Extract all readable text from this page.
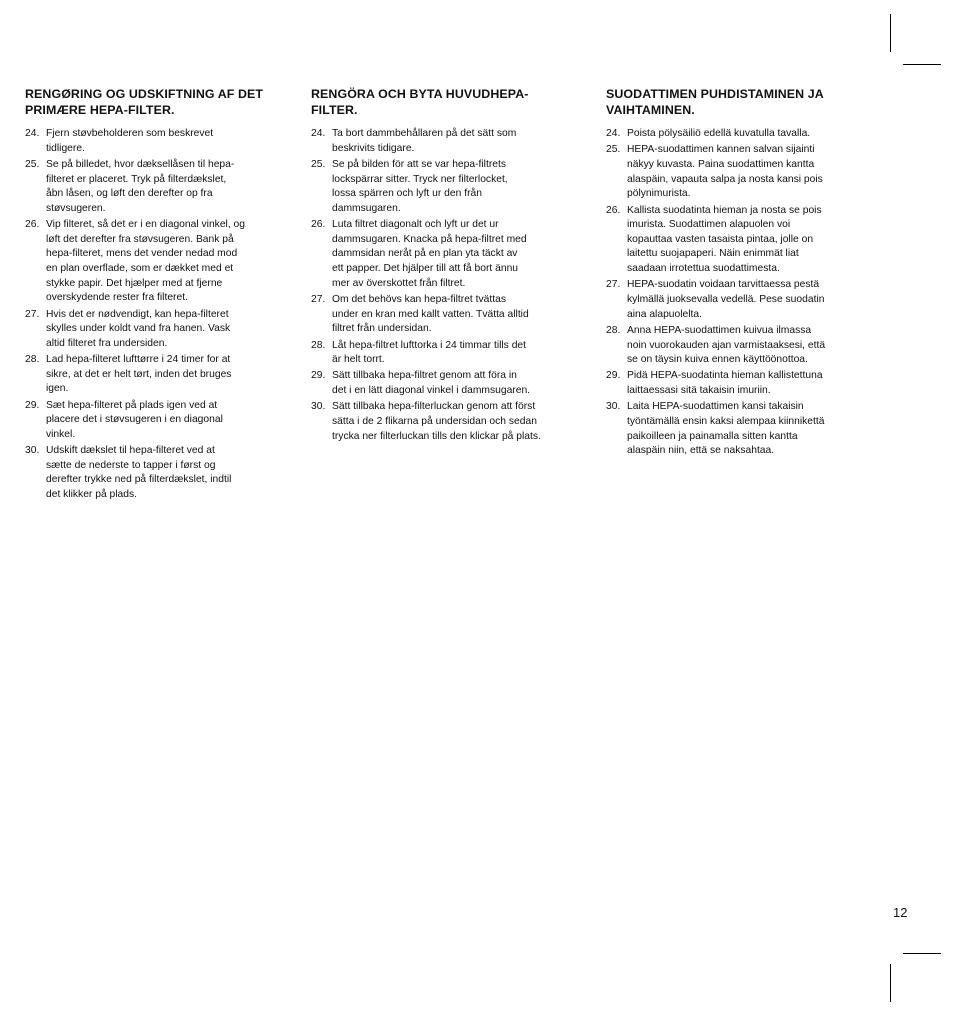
RENGØRING OG UDSKIFTNING AF DET
PRIMÆRE HEPA-FILTER.
24. Fjern støvbeholderen som beskrevet
tidligere.
25. Se på billedet, hvor dæksellåsen til hepa-
filteret er placeret. Tryk på filterdækslet,
åbn låsen, og løft den derefter op fra
støvsugeren.
26. Vip filteret, så det er i en diagonal vinkel, og
løft det derefter fra støvsugeren. Bank på
hepa-filteret, mens det vender nedad mod
en plan overflade, som er dækket med et
stykke papir. Det hjælper med at fjerne
overskydende rester fra filteret.
27. Hvis det er nødvendigt, kan hepa-filteret
skylles under koldt vand fra hanen. Vask
altid filteret fra undersiden.
28. Lad hepa-filteret lufttørre i 24 timer for at
sikre, at det er helt tørt, inden det bruges
igen.
29. Sæt hepa-filteret på plads igen ved at
placere det i støvsugeren i en diagonal
vinkel.
30. Udskift dækslet til hepa-filteret ved at
sætte de nederste to tapper i først og
derefter trykke ned på filterdækslet, indtil
det klikker på plads.
RENGÖRA OCH BYTA HUVUDHEPA-
FILTER.
24. Ta bort dammbehållaren på det sätt som
beskrivits tidigare.
25. Se på bilden för att se var hepa-filtrets
lockspärrar sitter. Tryck ner filterlocket,
lossa spärren och lyft ur den från
dammsugaren.
26. Luta filtret diagonalt och lyft ur det ur
dammsugaren. Knacka på hepa-filtret med
dammsidan neråt på en plan yta täckt av
ett papper. Det hjälper till att få bort ännu
mer av överskottet från filtret.
27. Om det behövs kan hepa-filtret tvättas
under en kran med kallt vatten. Tvätta alltid
filtret från undersidan.
28. Låt hepa-filtret lufttorka i 24 timmar tills det
är helt torrt.
29. Sätt tillbaka hepa-filtret genom att föra in
det i en lätt diagonal vinkel i dammsugaren.
30. Sätt tillbaka hepa-filterluckan genom att först
sätta i de 2 flikarna på undersidan och sedan
trycka ner filterluckan tills den klickar på plats.
SUODATTIMEN PUHDISTAMINEN JA
VAIHTAMINEN.
24. Poista pölysäiliö edellä kuvatulla tavalla.
25. HEPA-suodattimen kannen salvan sijainti
näkyy kuvasta. Paina suodattimen kantta
alaspäin, vapauta salpa ja nosta kansi pois
pölynimurista.
26. Kallista suodatinta hieman ja nosta se pois
imurista. Suodattimen alapuolen voi
kopauttaa vasten tasaista pintaa, jolle on
laitettu suojapaperi. Näin enimmät liat
saadaan irrotettua suodattimesta.
27. HEPA-suodatin voidaan tarvittaessa pestä
kylmällä juoksevalla vedellä. Pese suodatin
aina alapuolelta.
28. Anna HEPA-suodattimen kuivua ilmassa
noin vuorokauden ajan varmistaaksesi, että
se on täysin kuiva ennen käyttöönottoa.
29. Pidä HEPA-suodatinta hieman kallistettuna
laittaessasi sitä takaisin imuriin.
30. Laita HEPA-suodattimen kansi takaisin
työntämällä ensin kaksi alempaa kiinnikettä
paikoilleen ja painamalla sitten kantta
alaspäin niin, että se naksahtaa.
12
